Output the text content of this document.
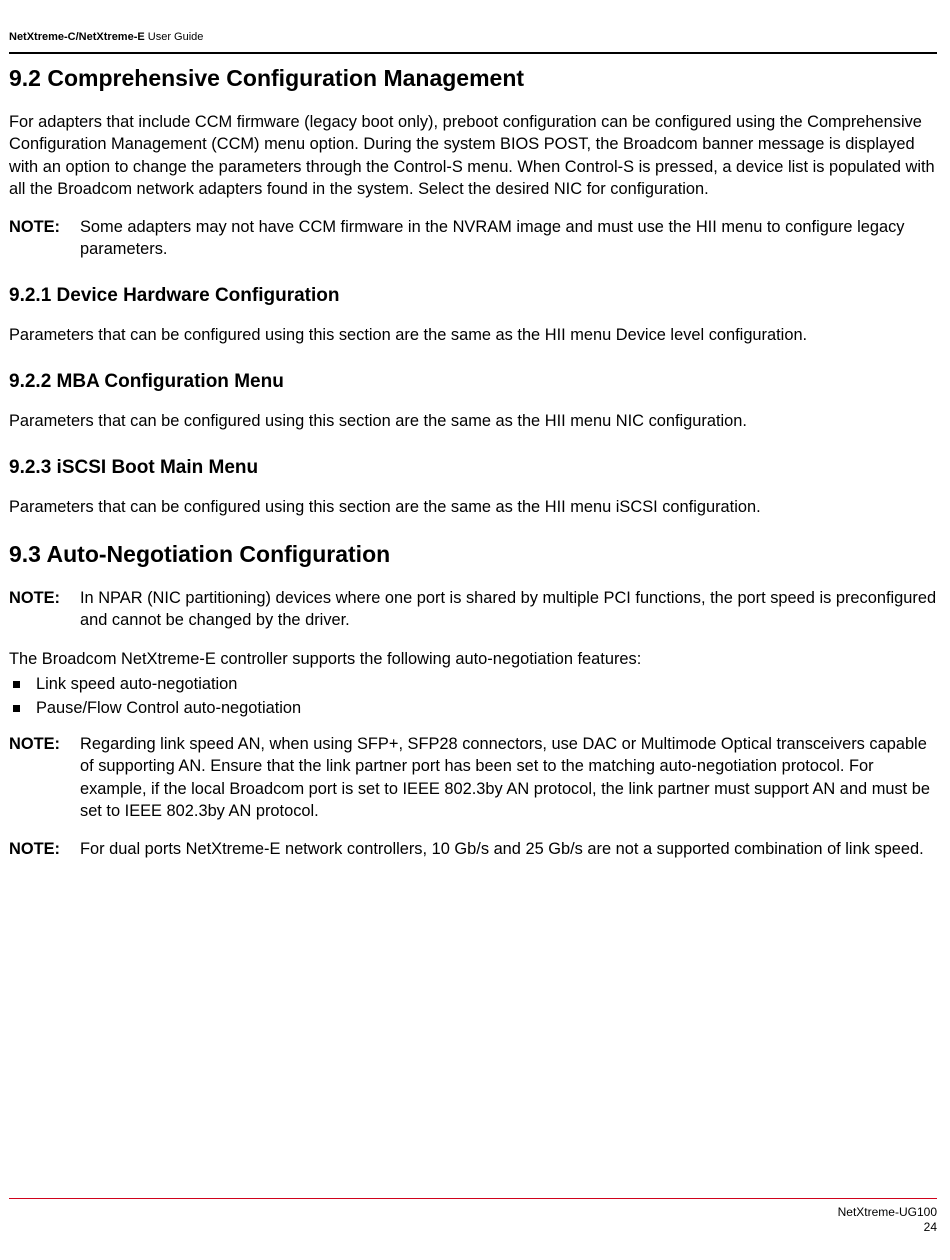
NetXtreme-C/NetXtreme-E User Guide
9.2 Comprehensive Configuration Management

For adapters that include CCM firmware (legacy boot only), preboot configuration can be configured using the Comprehensive Configuration Management (CCM) menu option. During the system BIOS POST, the Broadcom banner message is displayed with an option to change the parameters through the Control-S menu. When Control-S is pressed, a device list is populated with all the Broadcom network adapters found in the system. Select the desired NIC for configuration.

NOTE: Some adapters may not have CCM firmware in the NVRAM image and must use the HII menu to configure legacy parameters.
9.2.1 Device Hardware Configuration

Parameters that can be configured using this section are the same as the HII menu Device level configuration.

9.2.2 MBA Configuration Menu

Parameters that can be configured using this section are the same as the HII menu NIC configuration.

9.2.3 iSCSI Boot Main Menu

Parameters that can be configured using this section are the same as the HII menu iSCSI configuration.

9.3 Auto-Negotiation Configuration
NOTE: In NPAR (NIC partitioning) devices where one port is shared by multiple PCI functions, the port speed is preconfigured and cannot be changed by the driver.

The Broadcom NetXtreme-E controller supports the following auto-negotiation features:

Link speed auto-negotiation
Pause/Flow Control auto-negotiation
NOTE: Regarding link speed AN, when using SFP+, SFP28 connectors, use DAC or Multimode Optical transceivers capable of supporting AN. Ensure that the link partner port has been set to the matching auto-negotiation protocol. For example, if the local Broadcom port is set to IEEE 802.3by AN protocol, the link partner must support AN and must be set to IEEE 802.3by AN protocol.
NOTE: For dual ports NetXtreme-E network controllers, 10 Gb/s and 25 Gb/s are not a supported combination of link speed.
NetXtreme-UG100
24
